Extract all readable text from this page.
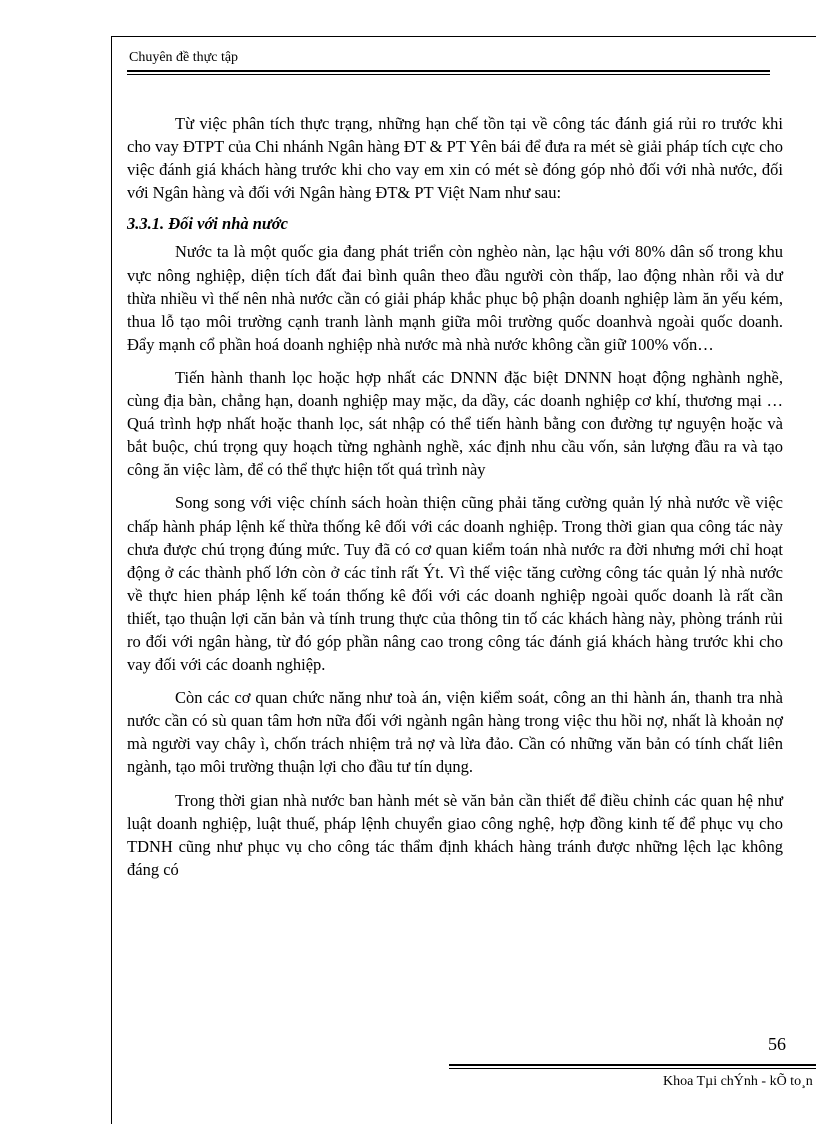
Chuyên đề thực tập

Từ việc phân tích thực trạng, những hạn chế tồn tại về công tác đánh giá rủi ro trước khi cho vay ĐTPT của Chi nhánh Ngân hàng ĐT & PT Yên bái để đưa ra mét sè giải pháp tích cực cho việc đánh giá khách hàng trước khi cho vay em xin có mét sè đóng góp nhỏ đối với nhà nước, đối với Ngân hàng và đối với Ngân hàng ĐT& PT Việt Nam như sau:

3.3.1. Đối với nhà nước

Nước ta là một quốc gia đang phát triển còn nghèo nàn, lạc hậu với 80% dân số trong khu vực nông nghiệp, diện tích đất đai bình quân theo đầu người còn thấp, lao động nhàn rỗi và dư thừa nhiều vì thế nên nhà nước cần có giải pháp khắc phục bộ phận doanh nghiệp làm ăn yếu kém, thua lỗ tạo môi trường cạnh tranh lành mạnh giữa môi trường quốc doanhvà ngoài quốc doanh. Đẩy mạnh cổ phần hoá doanh nghiệp nhà nước mà nhà nước không cần giữ 100% vốn…

Tiến hành thanh lọc hoặc hợp nhất các DNNN đặc biệt DNNN hoạt động nghành nghề, cùng địa bàn, chẳng hạn, doanh nghiệp may mặc, da dầy, các doanh nghiệp cơ khí, thương mại … Quá trình hợp nhất hoặc thanh lọc, sát nhập có thể tiến hành bằng con đường tự nguyện hoặc và bắt buộc, chú trọng quy hoạch từng nghành nghề, xác định nhu cầu vốn, sản lượng đầu ra và tạo công ăn việc làm, để có thể thực hiện tốt quá trình này

Song song với việc chính sách hoàn thiện cũng phải tăng cường quản lý nhà nước về việc chấp hành pháp lệnh kế thừa thống kê đối với các doanh nghiệp. Trong thời gian qua công tác này chưa được chú trọng đúng mức. Tuy đã có cơ quan kiểm toán nhà nước ra đời nhưng mới chỉ hoạt động ở các thành phố lớn còn ở các tỉnh rất Ýt. Vì thế việc tăng cường công tác quản lý nhà nước về thực hien pháp lệnh kế toán thống kê đối với các doanh nghiệp ngoài quốc doanh là rất cần thiết, tạo thuận lợi căn bản và tính trung thực của thông tin tố các khách hàng này, phòng tránh rủi ro đối với ngân hàng, từ đó góp phần nâng cao trong công tác đánh giá khách hàng trước khi cho vay đối với các doanh nghiệp.

Còn các cơ quan chức năng như toà án, viện kiểm soát, công an thi hành án, thanh tra nhà nước cần có sù quan tâm hơn nữa đối với ngành ngân hàng trong việc thu hồi nợ, nhất là khoản nợ mà người vay chây ì, chốn trách nhiệm trả nợ và lừa đảo. Cần có những văn bản có tính chất liên ngành, tạo môi trường thuận lợi cho đầu tư tín dụng.

Trong thời gian nhà nước ban hành mét sè văn bản cần thiết để điều chỉnh các quan hệ như luật doanh nghiệp, luật thuế, pháp lệnh chuyển giao công nghệ, hợp đồng kinh tế để phục vụ cho TDNH cũng như phục vụ cho công tác thẩm định khách hàng tránh được những lệch lạc không đáng có

56
Khoa Tµi chÝnh - kÕ to¸n
